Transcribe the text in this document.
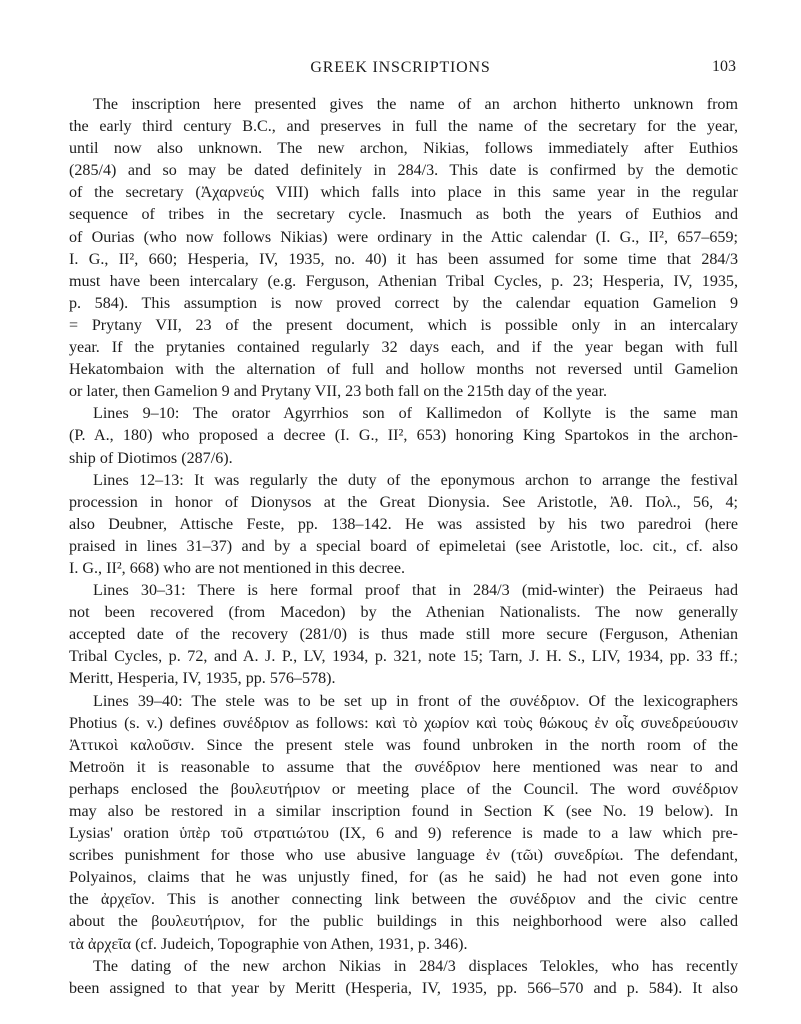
GREEK INSCRIPTIONS	103
The inscription here presented gives the name of an archon hitherto unknown from
the early third century B.C., and preserves in full the name of the secretary for the year,
until now also unknown. The new archon, Nikias, follows immediately after Euthios
(285/4) and so may be dated definitely in 284/3. This date is confirmed by the demotic
of the secretary (Ἀχαρνεύς VIII) which falls into place in this same year in the regular
sequence of tribes in the secretary cycle. Inasmuch as both the years of Euthios and
of Ourias (who now follows Nikias) were ordinary in the Attic calendar (I. G., II², 657–659;
I. G., II², 660; Hesperia, IV, 1935, no. 40) it has been assumed for some time that 284/3
must have been intercalary (e.g. Ferguson, Athenian Tribal Cycles, p. 23; Hesperia, IV, 1935,
p. 584). This assumption is now proved correct by the calendar equation Gamelion 9
= Prytany VII, 23 of the present document, which is possible only in an intercalary
year. If the prytanies contained regularly 32 days each, and if the year began with full
Hekatombaion with the alternation of full and hollow months not reversed until Gamelion
or later, then Gamelion 9 and Prytany VII, 23 both fall on the 215th day of the year.
Lines 9–10: The orator Agyrrhios son of Kallimedon of Kollyte is the same man
(P. A., 180) who proposed a decree (I. G., II², 653) honoring King Spartokos in the archon-
ship of Diotimos (287/6).
Lines 12–13: It was regularly the duty of the eponymous archon to arrange the festival
procession in honor of Dionysos at the Great Dionysia. See Aristotle, Ἀθ. Πολ., 56, 4;
also Deubner, Attische Feste, pp. 138–142. He was assisted by his two paredroi (here
praised in lines 31–37) and by a special board of epimeletai (see Aristotle, loc. cit., cf. also
I. G., II², 668) who are not mentioned in this decree.
Lines 30–31: There is here formal proof that in 284/3 (mid-winter) the Peiraeus had
not been recovered (from Macedon) by the Athenian Nationalists. The now generally
accepted date of the recovery (281/0) is thus made still more secure (Ferguson, Athenian
Tribal Cycles, p. 72, and A. J. P., LV, 1934, p. 321, note 15; Tarn, J. H. S., LIV, 1934, pp. 33 ff.;
Meritt, Hesperia, IV, 1935, pp. 576–578).
Lines 39–40: The stele was to be set up in front of the συνέδριον. Of the lexicographers
Photius (s. v.) defines συνέδριον as follows: καὶ τὸ χωρίον καὶ τοὺς θώκους ἐν οἷς συνεδρεύουσιν
Ἀττικοὶ καλοῦσιν. Since the present stele was found unbroken in the north room of the
Metroön it is reasonable to assume that the συνέδριον here mentioned was near to and
perhaps enclosed the βουλευτήριον or meeting place of the Council. The word συνέδριον
may also be restored in a similar inscription found in Section K (see No. 19 below). In
Lysias' oration ὑπὲρ τοῦ στρατιώτου (IX, 6 and 9) reference is made to a law which pre-
scribes punishment for those who use abusive language ἐν (τῶι) συνεδρίωι. The defendant,
Polyainos, claims that he was unjustly fined, for (as he said) he had not even gone into
the ἀρχεῖον. This is another connecting link between the συνέδριον and the civic centre
about the βουλευτήριον, for the public buildings in this neighborhood were also called
τὰ ἀρχεῖα (cf. Judeich, Topographie von Athen, 1931, p. 346).
The dating of the new archon Nikias in 284/3 displaces Telokles, who has recently
been assigned to that year by Meritt (Hesperia, IV, 1935, pp. 566–570 and p. 584). It also
